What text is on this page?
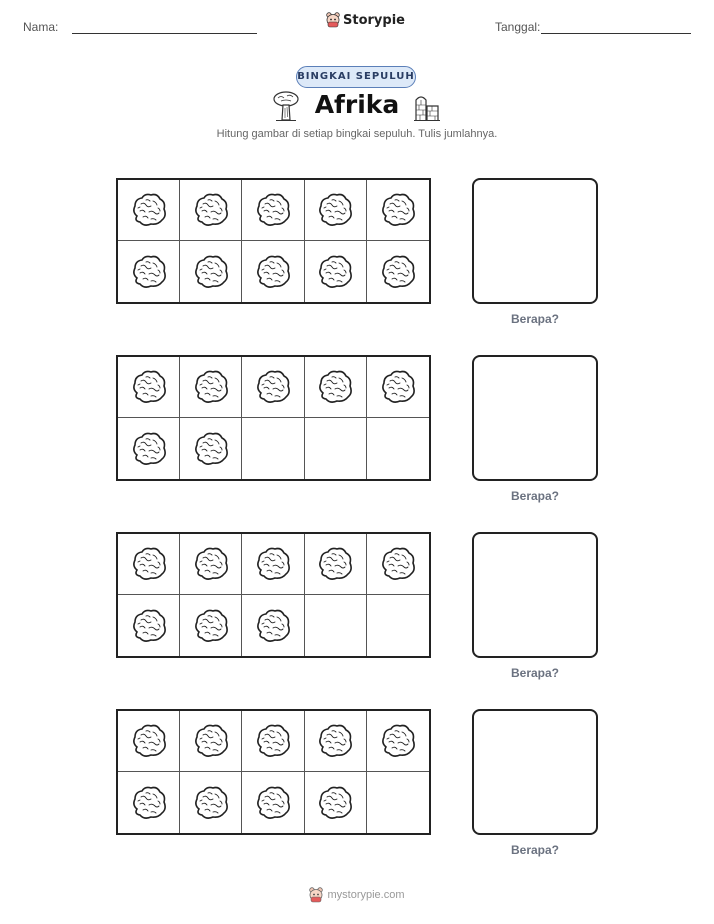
Nama:	Storypie	Tanggal:
BINGKAI SEPULUH
Afrika
Hitung gambar di setiap bingkai sepuluh. Tulis jumlahnya.
Berapa?
Berapa?
Berapa?
Berapa?
mystorypie.com
